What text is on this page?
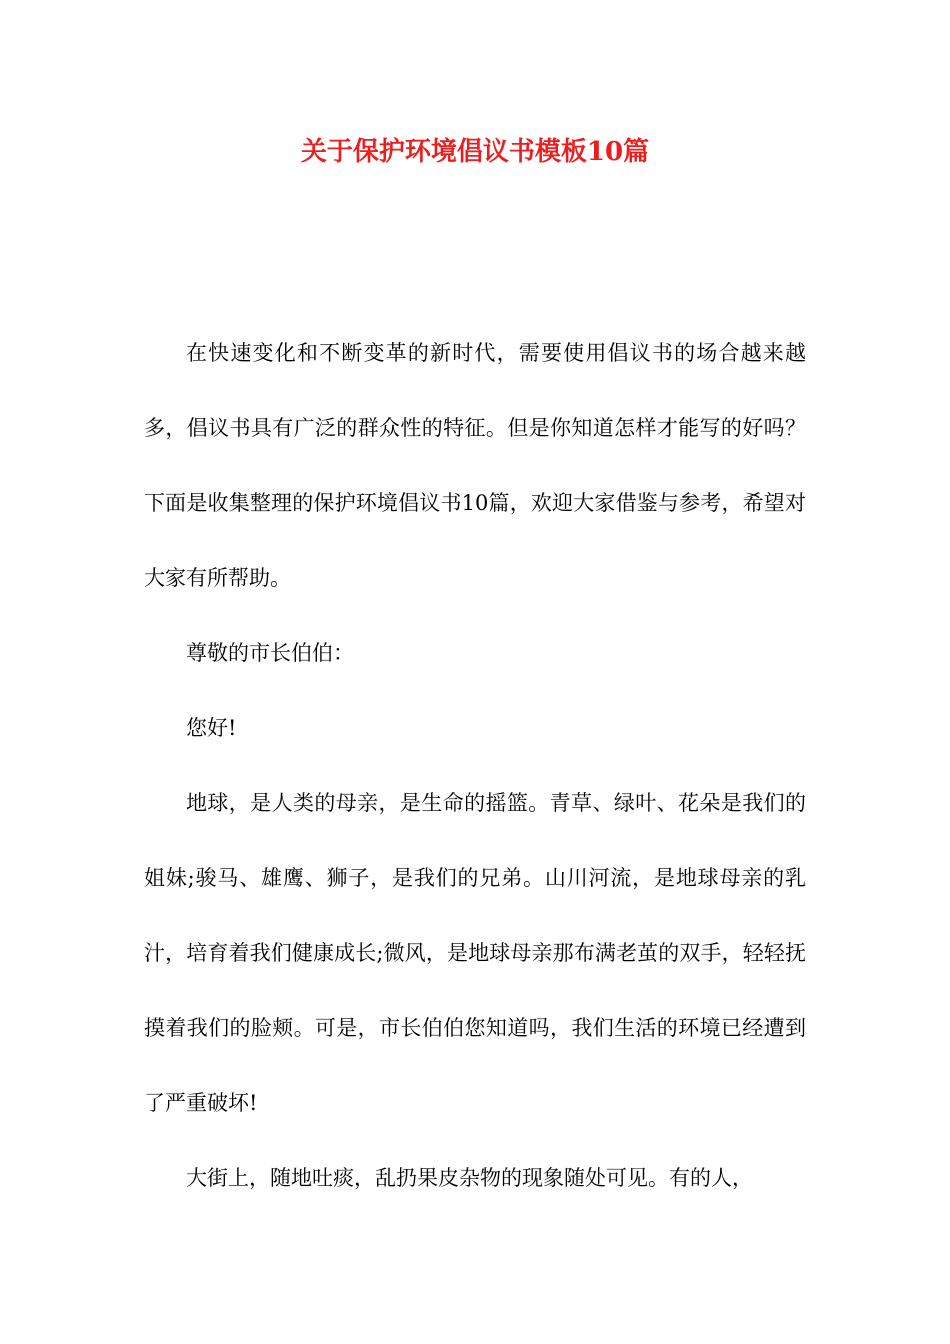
关于保护环境倡议书模板10篇

在快速变化和不断变革的新时代，需要使用倡议书的场合越来越多，倡议书具有广泛的群众性的特征。但是你知道怎样才能写的好吗？下面是收集整理的保护环境倡议书10篇，欢迎大家借鉴与参考，希望对大家有所帮助。

尊敬的市长伯伯：

您好!

地球，是人类的母亲，是生命的摇篮。青草、绿叶、花朵是我们的姐妹;骏马、雄鹰、狮子，是我们的兄弟。山川河流，是地球母亲的乳汁，培育着我们健康成长;微风，是地球母亲那布满老茧的双手，轻轻抚摸着我们的脸颊。可是，市长伯伯您知道吗，我们生活的环境已经遭到了严重破坏!

大街上，随地吐痰，乱扔果皮杂物的现象随处可见。有的人，
